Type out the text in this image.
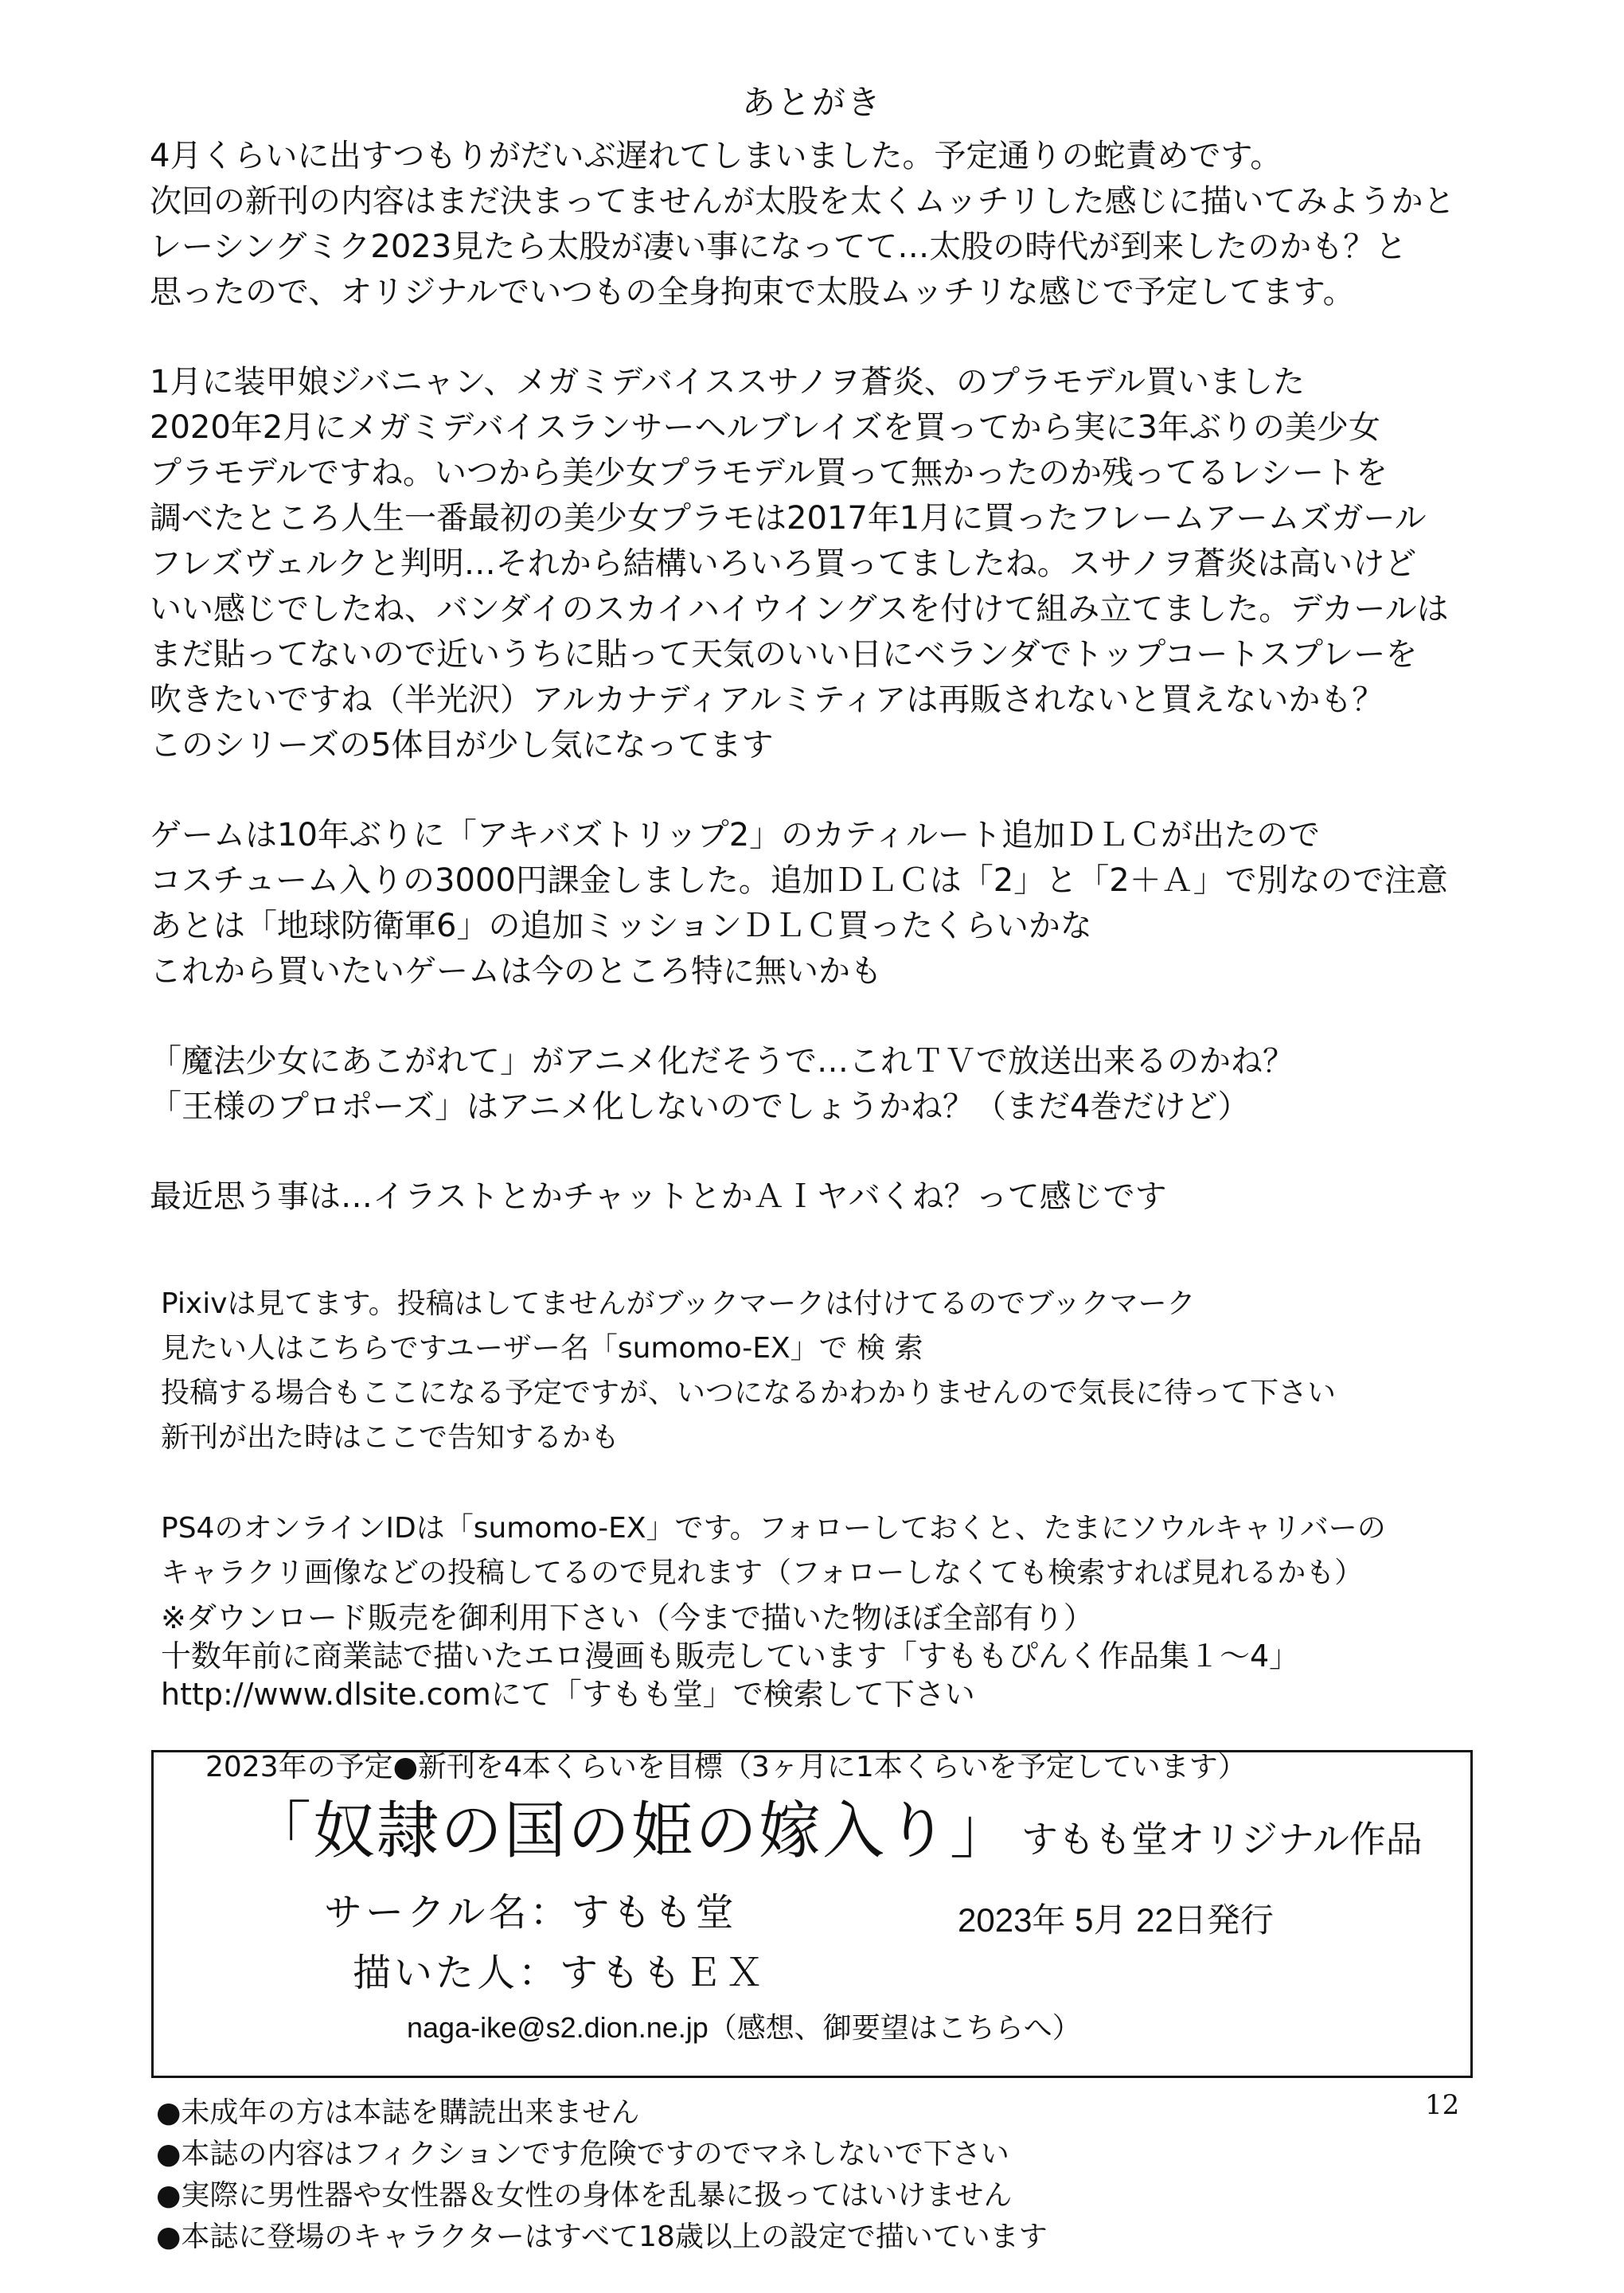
あとがき
4月くらいに出すつもりがだいぶ遅れてしまいました。予定通りの蛇責めです。
次回の新刊の内容はまだ決まってませんが太股を太くムッチリした感じに描いてみようかと
レーシングミク2023見たら太股が凄い事になってて…太股の時代が到来したのかも？と
思ったので、オリジナルでいつもの全身拘束で太股ムッチリな感じで予定してます。
1月に装甲娘ジバニャン、メガミデバイススサノヲ蒼炎、のプラモデル買いました
2020年2月にメガミデバイスランサーヘルブレイズを買ってから実に3年ぶりの美少女
プラモデルですね。いつから美少女プラモデル買って無かったのか残ってるレシートを
調べたところ人生一番最初の美少女プラモは2017年1月に買ったフレームアームズガール
フレズヴェルクと判明…それから結構いろいろ買ってましたね。スサノヲ蒼炎は高いけど
いい感じでしたね、バンダイのスカイハイウイングスを付けて組み立てました。デカールは
まだ貼ってないので近いうちに貼って天気のいい日にベランダでトップコートスプレーを
吹きたいですね（半光沢）アルカナディアルミティアは再販されないと買えないかも？
このシリーズの5体目が少し気になってます
ゲームは10年ぶりに「アキバズトリップ2」のカティルート追加ＤＬＣが出たので
コスチューム入りの3000円課金しました。追加ＤＬＣは「2」と「2＋Ａ」で別なので注意
あとは「地球防衛軍6」の追加ミッションＤＬＣ買ったくらいかな
これから買いたいゲームは今のところ特に無いかも
「魔法少女にあこがれて」がアニメ化だそうで…これＴＶで放送出来るのかね？
「王様のプロポーズ」はアニメ化しないのでしょうかね？（まだ4巻だけど）
最近思う事は…イラストとかチャットとかＡＩヤバくね？って感じです
Pixivは見てます。投稿はしてませんがブックマークは付けてるのでブックマーク
見たい人はこちらですユーザー名「sumomo-EX」で 検 索
投稿する場合もここになる予定ですが、いつになるかわかりませんので気長に待って下さい
新刊が出た時はここで告知するかも
PS4のオンラインIDは「sumomo-EX」です。フォローしておくと、たまにソウルキャリバーの
キャラクリ画像などの投稿してるので見れます（フォローしなくても検索すれば見れるかも）
※ダウンロード販売を御利用下さい（今まで描いた物ほぼ全部有り）
十数年前に商業誌で描いたエロ漫画も販売しています「すももぴんく作品集１～4」
http://www.dlsite.comにて「すもも堂」で検索して下さい
2023年の予定●新刊を4本くらいを目標（3ヶ月に1本くらいを予定しています）
「奴隷の国の姫の嫁入り」 すもも堂オリジナル作品
サークル名：すもも堂
描いた人：すももＥＸ
2023年 5月 22日発行
naga-ike@s2.dion.ne.jp（感想、御要望はこちらへ）
12
●未成年の方は本誌を購読出来ません
●本誌の内容はフィクションです危険ですのでマネしないで下さい
●実際に男性器や女性器＆女性の身体を乱暴に扱ってはいけません
●本誌に登場のキャラクターはすべて18歳以上の設定で描いています
